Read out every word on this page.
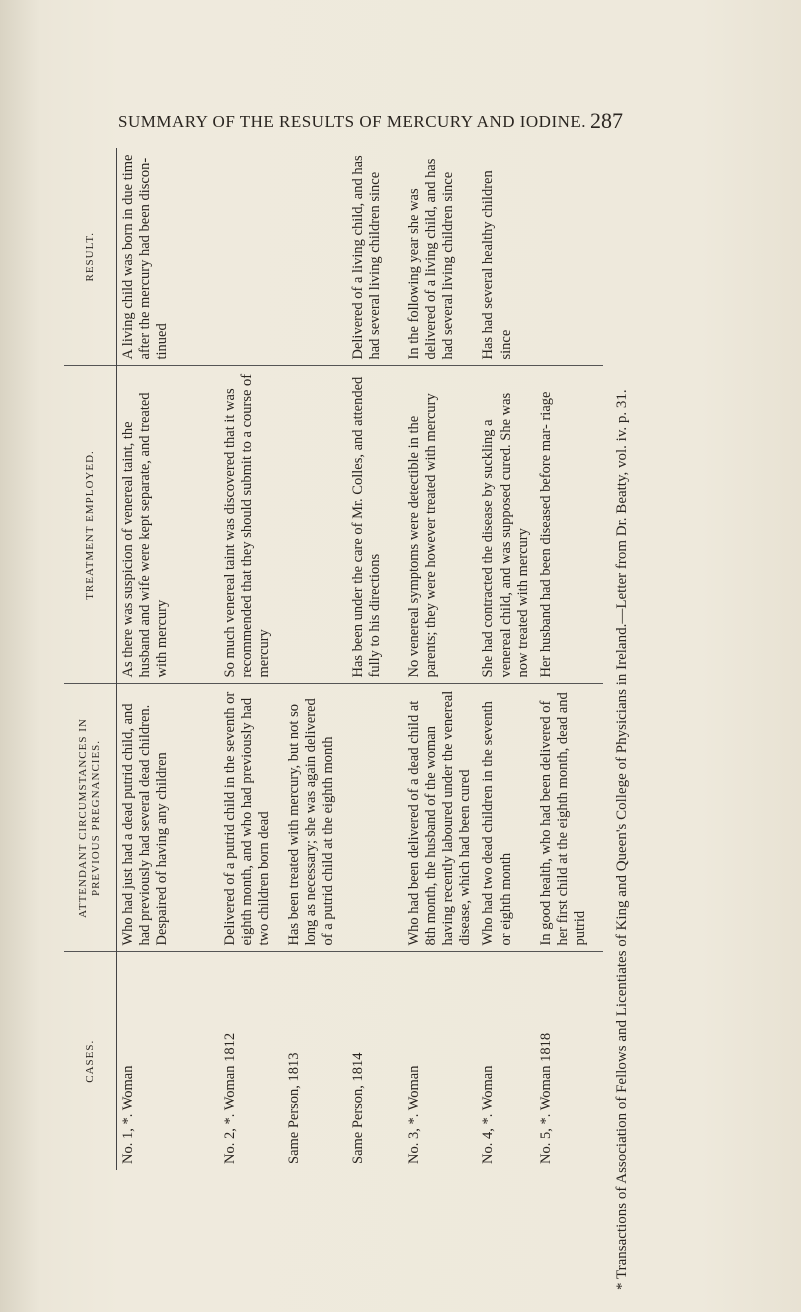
SUMMARY OF THE RESULTS OF MERCURY AND IODINE. 287
CASES.	ATTENDANT CIRCUMSTANCES IN PREVIOUS PREGNANCIES.	TREATMENT EMPLOYED.	RESULT.
No. 1, *. Woman	Who had just had a dead putrid child, and had previously had several dead children. Despaired of having any children	As there was suspicion of venereal taint, the husband and wife were kept separate, and treated with mercury	A living child was born in due time after the mercury had been discon- tinued
No. 2, *. Woman 1812	Delivered of a putrid child in the seventh or eighth month, and who had previously had two children born dead	So much venereal taint was discovered that it was recommended that they should submit to a course of mercury	
Same Person, 1813	Has been treated with mercury, but not so long as necessary; she was again delivered of a putrid child at the eighth month		
Same Person, 1814		Has been under the care of Mr. Colles, and attended fully to his directions	Delivered of a living child, and has had several living children since
No. 3, *. Woman	Who had been delivered of a dead child at 8th month, the husband of the woman having recently laboured under the venereal disease, which had been cured	No venereal symptoms were detectible in the parents; they were however treated with mercury	In the following year she was delivered of a living child, and has had several living children since
No. 4, *. Woman	Who had two dead children in the seventh or eighth month	She had contracted the disease by suckling a venereal child, and was supposed cured. She was now treated with mercury	Has had several healthy children since
No. 5, *. Woman 1818	In good health, who had been delivered of her first child at the eighth month, dead and putrid	Her husband had been diseased before mar- riage		* Transactions of Association of Fellows and Licentiates of King and Queen's College of Physicians in Ireland.—Letter from Dr. Beatty, vol. iv. p. 31.
